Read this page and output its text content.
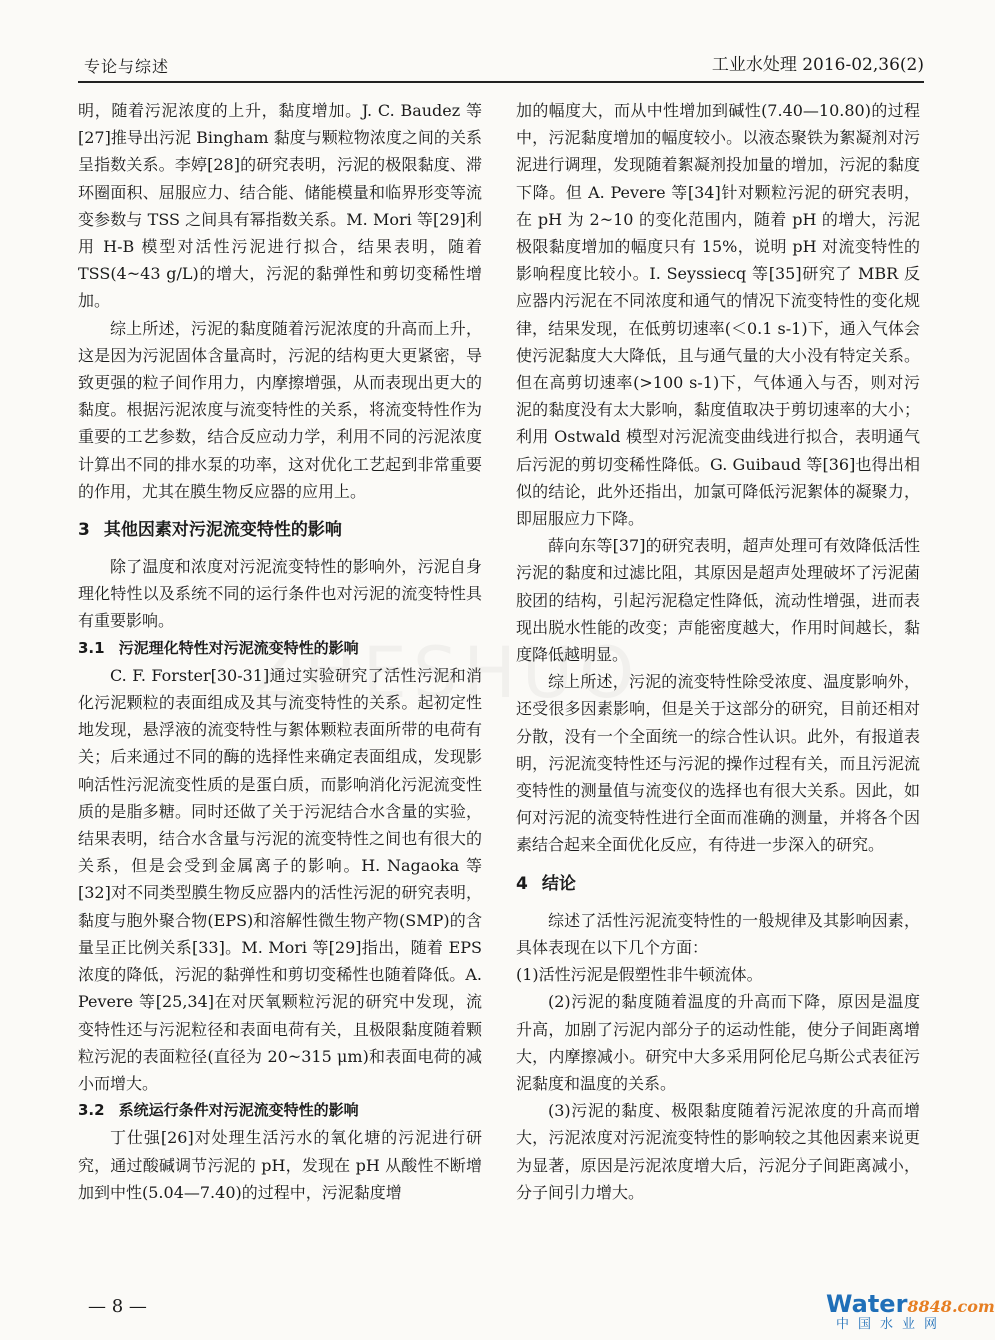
专论与综述	工业水处理 2016-02,36(2)

明，随着污泥浓度的上升，黏度增加。J. C. Baudez 等[27]推导出污泥 Bingham 黏度与颗粒物浓度之间的关系呈指数关系。李婷[28]的研究表明，污泥的极限黏度、滞环圈面积、屈服应力、结合能、储能模量和临界形变等流变参数与 TSS 之间具有幂指数关系。M. Mori 等[29]利用 H-B 模型对活性污泥进行拟合，结果表明，随着 TSS(4~43 g/L)的增大，污泥的黏弹性和剪切变稀性增加。

综上所述，污泥的黏度随着污泥浓度的升高而上升，这是因为污泥固体含量高时，污泥的结构更大更紧密，导致更强的粒子间作用力，内摩擦增强，从而表现出更大的黏度。根据污泥浓度与流变特性的关系，将流变特性作为重要的工艺参数，结合反应动力学，利用不同的污泥浓度计算出不同的排水泵的功率，这对优化工艺起到非常重要的作用，尤其在膜生物反应器的应用上。

3 其他因素对污泥流变特性的影响

除了温度和浓度对污泥流变特性的影响外，污泥自身理化特性以及系统不同的运行条件也对污泥的流变特性具有重要影响。

3.1 污泥理化特性对污泥流变特性的影响

C. F. Forster[30-31]通过实验研究了活性污泥和消化污泥颗粒的表面组成及其与流变特性的关系。起初定性地发现，悬浮液的流变特性与絮体颗粒表面所带的电荷有关；后来通过不同的酶的选择性来确定表面组成，发现影响活性污泥流变性质的是蛋白质，而影响消化污泥流变性质的是脂多糖。同时还做了关于污泥结合水含量的实验，结果表明，结合水含量与污泥的流变特性之间也有很大的关系，但是会受到金属离子的影响。H. Nagaoka 等[32]对不同类型膜生物反应器内的活性污泥的研究表明，黏度与胞外聚合物(EPS)和溶解性微生物产物(SMP)的含量呈正比例关系[33]。M. Mori 等[29]指出，随着 EPS 浓度的降低，污泥的黏弹性和剪切变稀性也随着降低。A. Pevere 等[25,34]在对厌氧颗粒污泥的研究中发现，流变特性还与污泥粒径和表面电荷有关，且极限黏度随着颗粒污泥的表面粒径(直径为 20~315 μm)和表面电荷的减小而增大。

3.2 系统运行条件对污泥流变特性的影响

丁仕强[26]对处理生活污水的氧化塘的污泥进行研究，通过酸碱调节污泥的 pH，发现在 pH 从酸性不断增加到中性(5.04—7.40)的过程中，污泥黏度增

加的幅度大，而从中性增加到碱性(7.40—10.80)的过程中，污泥黏度增加的幅度较小。以液态聚铁为絮凝剂对污泥进行调理，发现随着絮凝剂投加量的增加，污泥的黏度下降。但 A. Pevere 等[34]针对颗粒污泥的研究表明，在 pH 为 2~10 的变化范围内，随着 pH 的增大，污泥极限黏度增加的幅度只有 15%，说明 pH 对流变特性的影响程度比较小。I. Seyssiecq 等[35]研究了 MBR 反应器内污泥在不同浓度和通气的情况下流变特性的变化规律，结果发现，在低剪切速率(＜0.1 s-1)下，通入气体会使污泥黏度大大降低，且与通气量的大小没有特定关系。但在高剪切速率(>100 s-1)下，气体通入与否，则对污泥的黏度没有太大影响，黏度值取决于剪切速率的大小；利用 Ostwald 模型对污泥流变曲线进行拟合，表明通气后污泥的剪切变稀性降低。G. Guibaud 等[36]也得出相似的结论，此外还指出，加氯可降低污泥絮体的凝聚力，即屈服应力下降。

薛向东等[37]的研究表明，超声处理可有效降低活性污泥的黏度和过滤比阻，其原因是超声处理破坏了污泥菌胶团的结构，引起污泥稳定性降低，流动性增强，进而表现出脱水性能的改变；声能密度越大，作用时间越长，黏度降低越明显。

综上所述，污泥的流变特性除受浓度、温度影响外，还受很多因素影响，但是关于这部分的研究，目前还相对分散，没有一个全面统一的综合性认识。此外，有报道表明，污泥流变特性还与污泥的操作过程有关，而且污泥流变特性的测量值与流变仪的选择也有很大关系。因此，如何对污泥的流变特性进行全面而准确的测量，并将各个因素结合起来全面优化反应，有待进一步深入的研究。

4 结论

综述了活性污泥流变特性的一般规律及其影响因素，具体表现在以下几个方面：

(1)活性污泥是假塑性非牛顿流体。

(2)污泥的黏度随着温度的升高而下降，原因是温度升高，加剧了污泥内部分子的运动性能，使分子间距离增大，内摩擦减小。研究中大多采用阿伦尼乌斯公式表征污泥黏度和温度的关系。

(3)污泥的黏度、极限黏度随着污泥浓度的升高而增大，污泥浓度对污泥流变特性的影响较之其他因素来说更为显著，原因是污泥浓度增大后，污泥分子间距离减小，分子间引力增大。

— 8 —	Water8848.com
中国水业网
